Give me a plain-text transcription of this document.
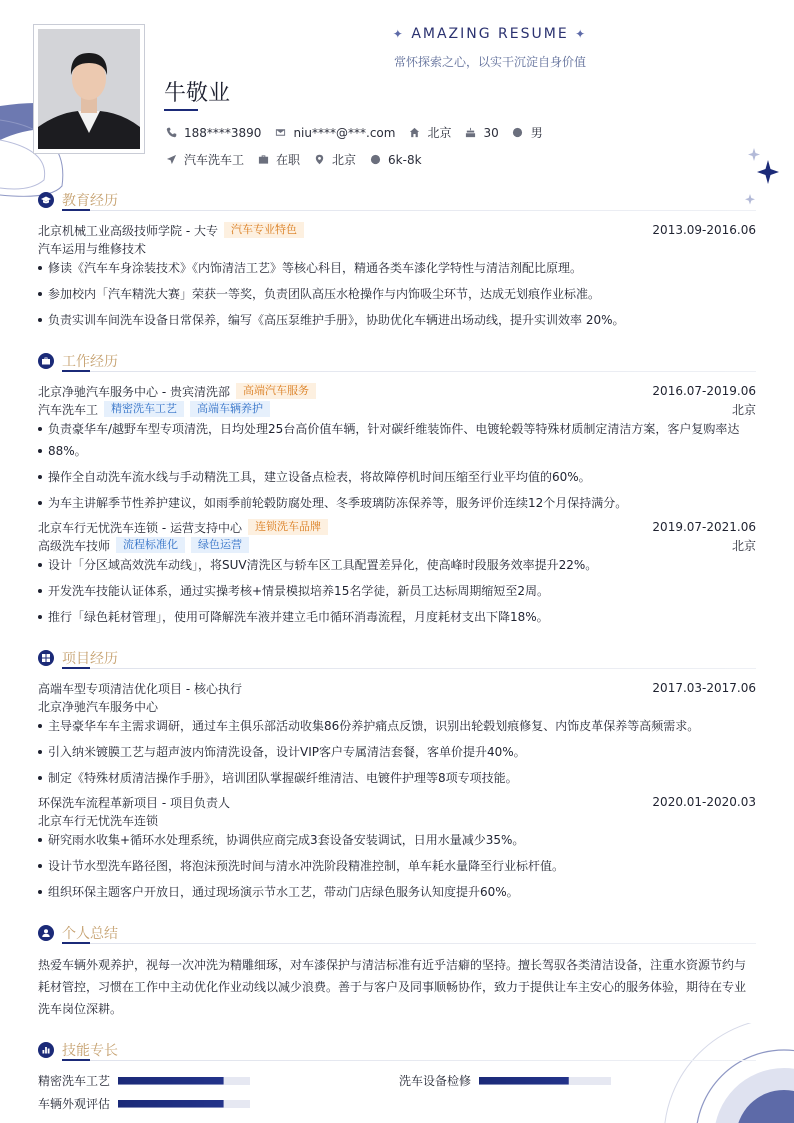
✦ AMAZING RESUME ✦
常怀探索之心，以实干沉淀自身价值
牛敬业
188****3890	niu****@***.com	北京	30	男
汽车洗车工	在职	北京	6k-8k
教育经历
北京机械工业高级技师学院 - 大专	汽车专业特色	2013.09-2016.06
汽车运用与维修技术
修读《汽车车身涂装技术》《内饰清洁工艺》等核心科目，精通各类车漆化学特性与清洁剂配比原理。
参加校内「汽车精洗大赛」荣获一等奖，负责团队高压水枪操作与内饰吸尘环节，达成无划痕作业标准。
负责实训车间洗车设备日常保养，编写《高压泵维护手册》，协助优化车辆进出场动线，提升实训效率 20%。
工作经历
北京净驰汽车服务中心 - 贵宾清洗部	高端汽车服务	2016.07-2019.06
汽车洗车工	精密洗车工艺	高端车辆养护	北京
负责豪华车/越野车型专项清洗，日均处理25台高价值车辆，针对碳纤维装饰件、电镀轮毂等特殊材质制定清洁方案，客户复购率达
88%。
操作全自动洗车流水线与手动精洗工具，建立设备点检表，将故障停机时间压缩至行业平均值的60%。
为车主讲解季节性养护建议，如雨季前轮毂防腐处理、冬季玻璃防冻保养等，服务评价连续12个月保持满分。
北京车行无忧洗车连锁 - 运营支持中心	连锁洗车品牌	2019.07-2021.06
高级洗车技师	流程标准化	绿色运营	北京
设计「分区域高效洗车动线」，将SUV清洗区与轿车区工具配置差异化，使高峰时段服务效率提升22%。
开发洗车技能认证体系，通过实操考核+情景模拟培养15名学徒，新员工达标周期缩短至2周。
推行「绿色耗材管理」，使用可降解洗车液并建立毛巾循环消毒流程，月度耗材支出下降18%。
项目经历
高端车型专项清洁优化项目 - 核心执行	2017.03-2017.06
北京净驰汽车服务中心
主导豪华车车主需求调研，通过车主俱乐部活动收集86份养护痛点反馈，识别出轮毂划痕修复、内饰皮革保养等高频需求。
引入纳米镀膜工艺与超声波内饰清洗设备，设计VIP客户专属清洁套餐，客单价提升40%。
制定《特殊材质清洁操作手册》，培训团队掌握碳纤维清洁、电镀件护理等8项专项技能。
环保洗车流程革新项目 - 项目负责人	2020.01-2020.03
北京车行无忧洗车连锁
研究雨水收集+循环水处理系统，协调供应商完成3套设备安装调试，日用水量减少35%。
设计节水型洗车路径图，将泡沫预洗时间与清水冲洗阶段精准控制，单车耗水量降至行业标杆值。
组织环保主题客户开放日，通过现场演示节水工艺，带动门店绿色服务认知度提升60%。
个人总结
热爱车辆外观养护，视每一次冲洗为精雕细琢，对车漆保护与清洁标准有近乎洁癖的坚持。擅长驾驭各类清洁设备，注重水资源节约与耗材管控，习惯在工作中主动优化作业动线以减少浪费。善于与客户及同事顺畅协作，致力于提供让车主安心的服务体验，期待在专业洗车岗位深耕。
技能专长
精密洗车工艺	洗车设备检修
车辆外观评估
